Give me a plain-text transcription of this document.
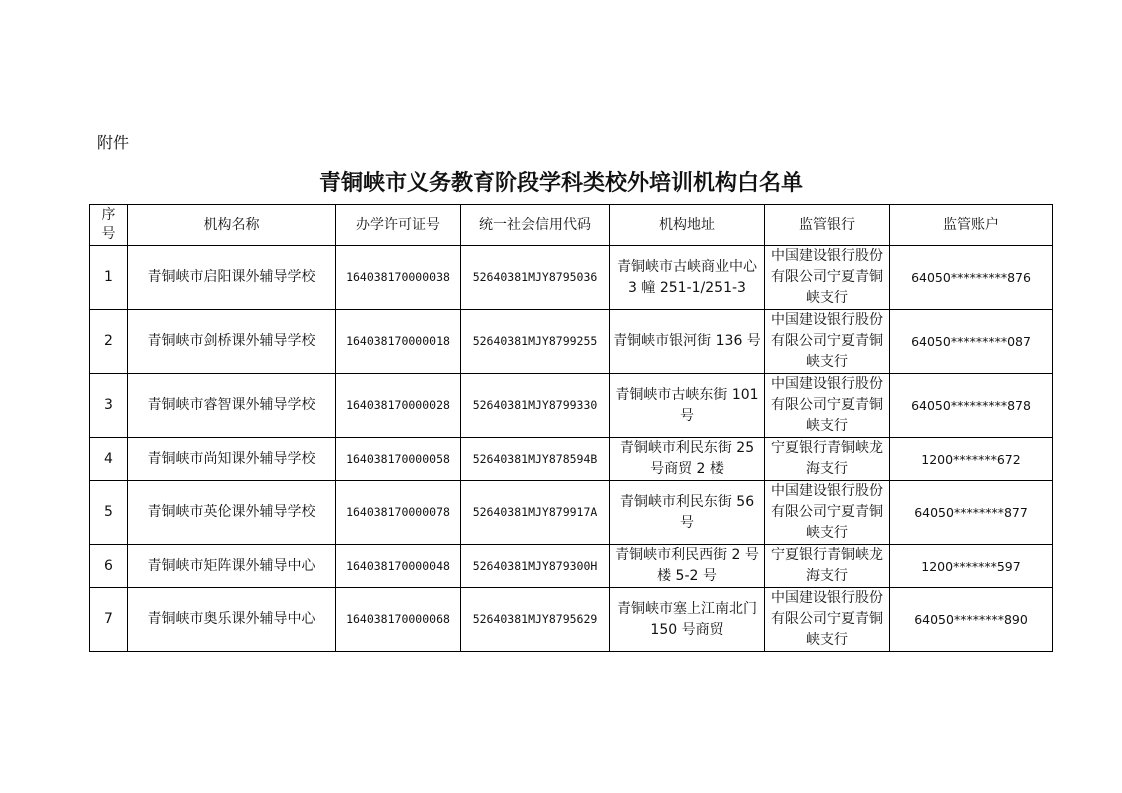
附件
青铜峡市义务教育阶段学科类校外培训机构白名单
序
号	机构名称	办学许可证号	统一社会信用代码	机构地址	监管银行	监管账户
1	青铜峡市启阳课外辅导学校	164038170000038	52640381MJY8795036	青铜峡市古峡商业中心 3 幢 251-1/251-3	中国建设银行股份有限公司宁夏青铜峡支行	64050*********876
2	青铜峡市剑桥课外辅导学校	164038170000018	52640381MJY8799255	青铜峡市银河街 136 号	中国建设银行股份有限公司宁夏青铜峡支行	64050*********087
3	青铜峡市睿智课外辅导学校	164038170000028	52640381MJY8799330	青铜峡市古峡东街 101 号	中国建设银行股份有限公司宁夏青铜峡支行	64050*********878
4	青铜峡市尚知课外辅导学校	164038170000058	52640381MJY878594B	青铜峡市利民东街 25 号商贸 2 楼	宁夏银行青铜峡龙海支行	1200*******672
5	青铜峡市英伦课外辅导学校	164038170000078	52640381MJY879917A	青铜峡市利民东街 56 号	中国建设银行股份有限公司宁夏青铜峡支行	64050********877
6	青铜峡市矩阵课外辅导中心	164038170000048	52640381MJY879300H	青铜峡市利民西街 2 号楼 5-2 号	宁夏银行青铜峡龙海支行	1200*******597
7	青铜峡市奥乐课外辅导中心	164038170000068	52640381MJY8795629	青铜峡市塞上江南北门 150 号商贸	中国建设银行股份有限公司宁夏青铜峡支行	64050********890
